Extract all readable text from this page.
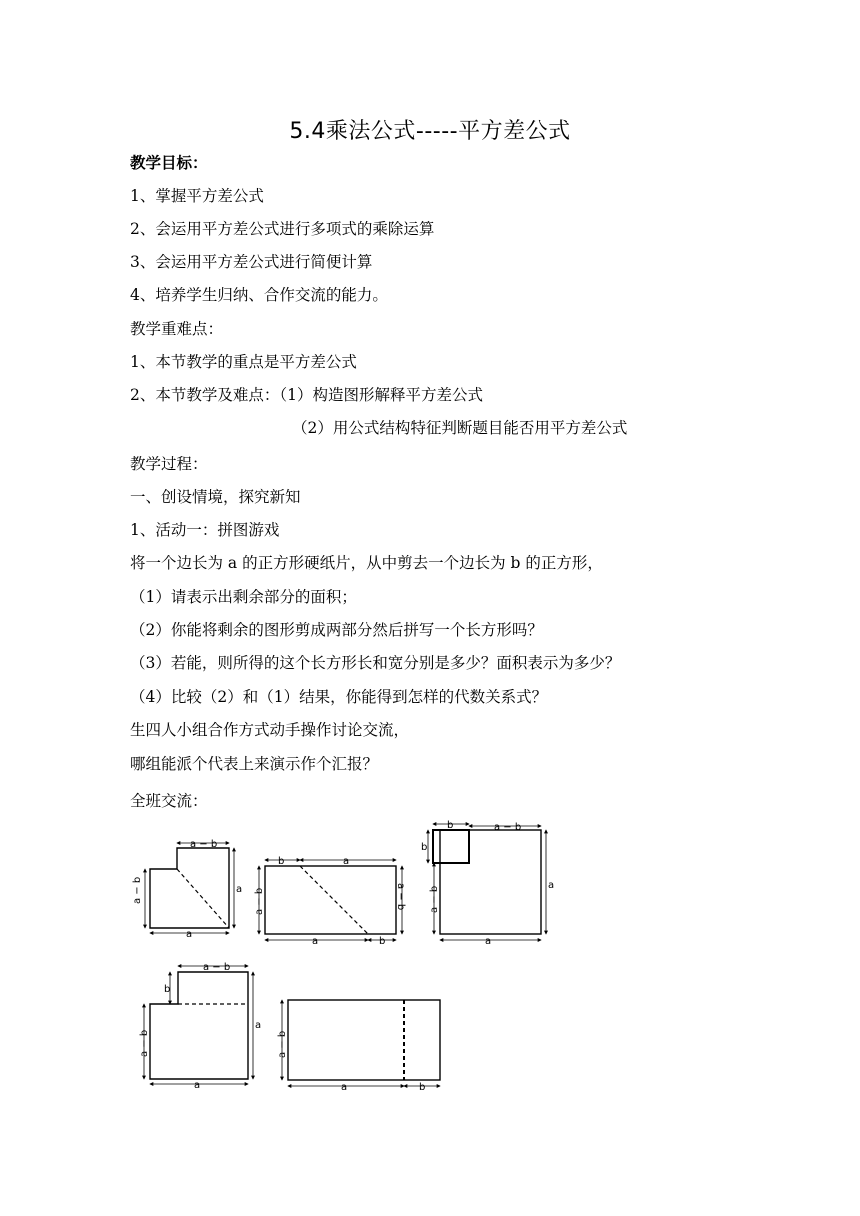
5.4乘法公式-----平方差公式
教学目标：
1、掌握平方差公式
2、会运用平方差公式进行多项式的乘除运算
3、会运用平方差公式进行简便计算
4、培养学生归纳、合作交流的能力。
教学重难点：
1、本节教学的重点是平方差公式
2、本节教学及难点：（1）构造图形解释平方差公式
（2）用公式结构特征判断题目能否用平方差公式
教学过程：
一、创设情境，探究新知
1、活动一：拼图游戏
将一个边长为 a 的正方形硬纸片，从中剪去一个边长为 b 的正方形，
（1）请表示出剩余部分的面积；
（2）你能将剩余的图形剪成两部分然后拼写一个长方形吗？
（3）若能，则所得的这个长方形长和宽分别是多少？面积表示为多少？
（4）比较（2）和（1）结果，你能得到怎样的代数关系式？
生四人小组合作方式动手操作讨论交流，
哪组能派个代表上来演示作个汇报？
全班交流：
a − b
a
a − b	a
b	a
a	b
a − b	a − b
b	a − b
b
a − b
a
a
a − b
b
a − b
a
a
a − b
a	b
